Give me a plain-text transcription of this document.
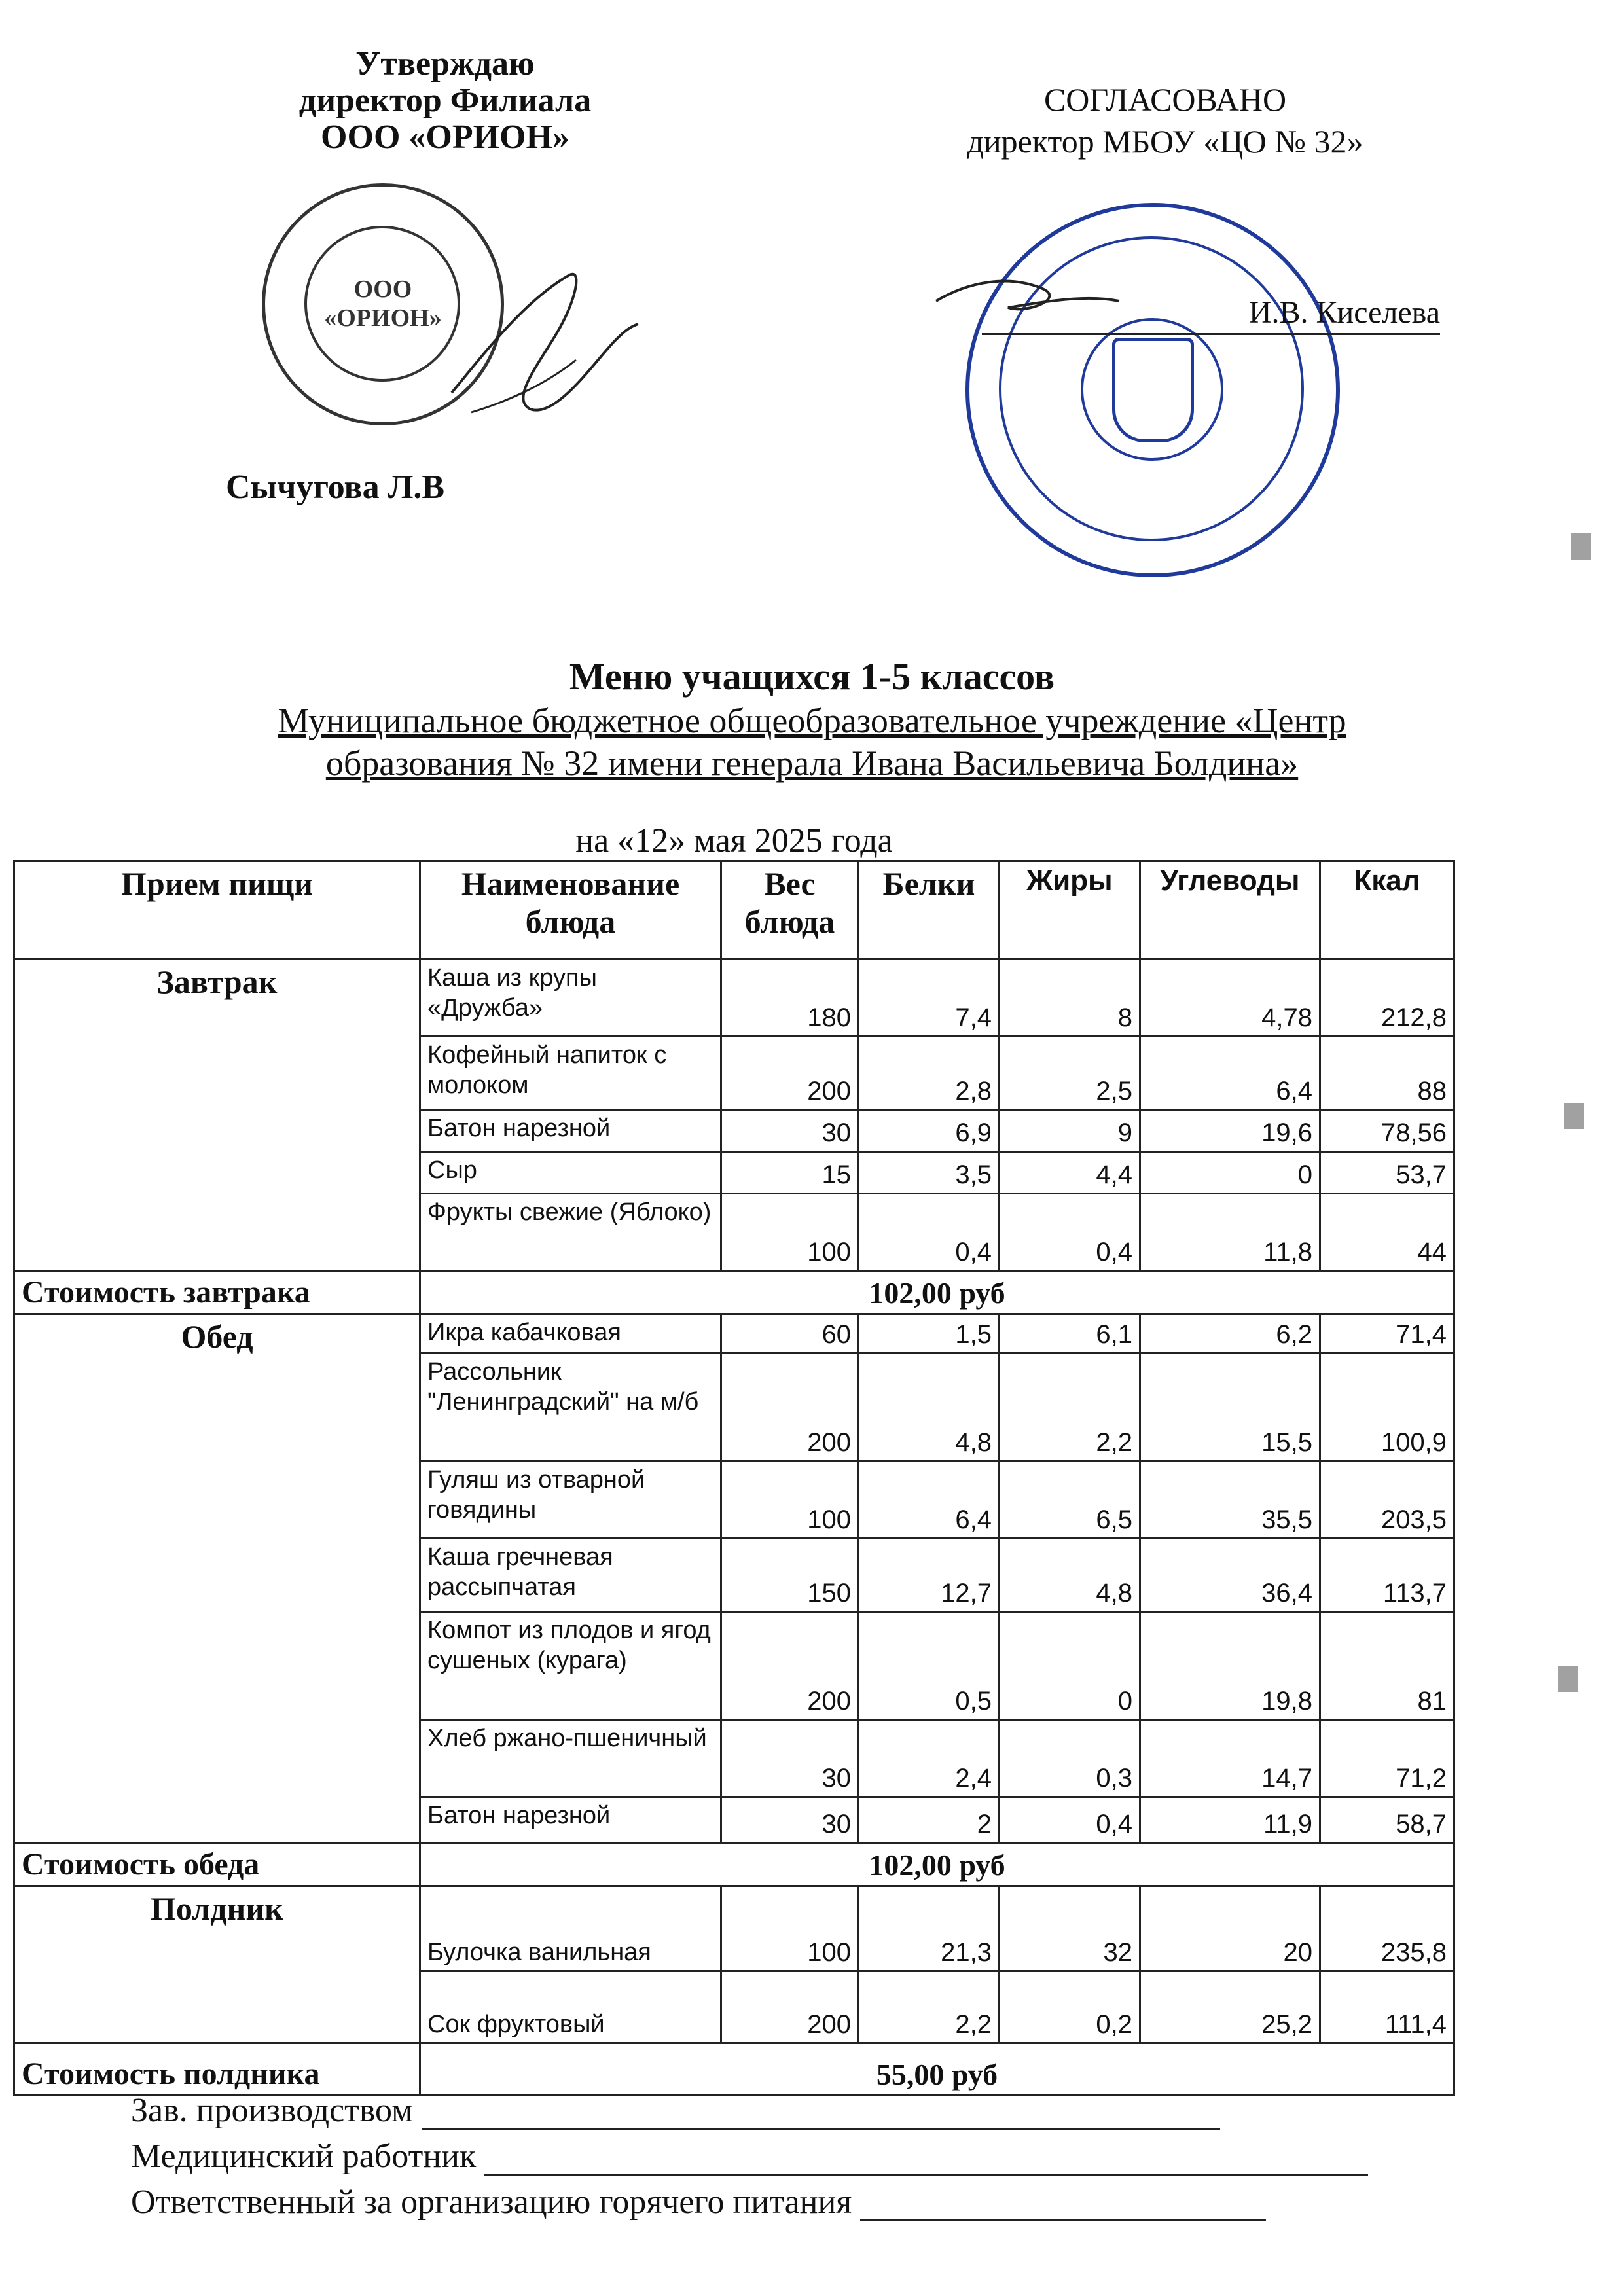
Утверждаю
директор Филиала
ООО «ОРИОН»
ООО
«ОРИОН»
Сычугова Л.В
СОГЛАСОВАНО
директор МБОУ «ЦО № 32»
И.В. Киселева
Меню учащихся 1-5 классов
Муниципальное бюджетное общеобразовательное учреждение «Центр
образования № 32 имени генерала Ивана Васильевича Болдина»
на «12» мая 2025 года						
Прием пищи	Наименование блюда	Вес блюда	Белки	Жиры	Углеводы	Ккал
Завтрак	Каша из крупы «Дружба»	180	7,4	8	4,78	212,8
	Кофейный напиток с молоком	200	2,8	2,5	6,4	88
	Батон нарезной	30	6,9	9	19,6	78,56
	Сыр	15	3,5	4,4	0	53,7
	Фрукты свежие (Яблоко)	100	0,4	0,4	11,8	44
Стоимость завтрака	102,00 руб					
Обед	Икра кабачковая	60	1,5	6,1	6,2	71,4
	Рассольник "Ленинградский" на м/б	200	4,8	2,2	15,5	100,9
	Гуляш из отварной говядины	100	6,4	6,5	35,5	203,5
	Каша гречневая рассыпчатая	150	12,7	4,8	36,4	113,7
	Компот из плодов и ягод сушеных (курага)	200	0,5	0	19,8	81
	Хлеб ржано-пшеничный	30	2,4	0,3	14,7	71,2
	Батон нарезной	30	2	0,4	11,9	58,7
Стоимость обеда	102,00 руб					
Полдник	Булочка ванильная	100	21,3	32	20	235,8
	Сок фруктовый	200	2,2	0,2	25,2	111,4
Стоимость полдника	55,00 руб					
Зав. производством
Медицинский работник
Ответственный за организацию горячего питания
